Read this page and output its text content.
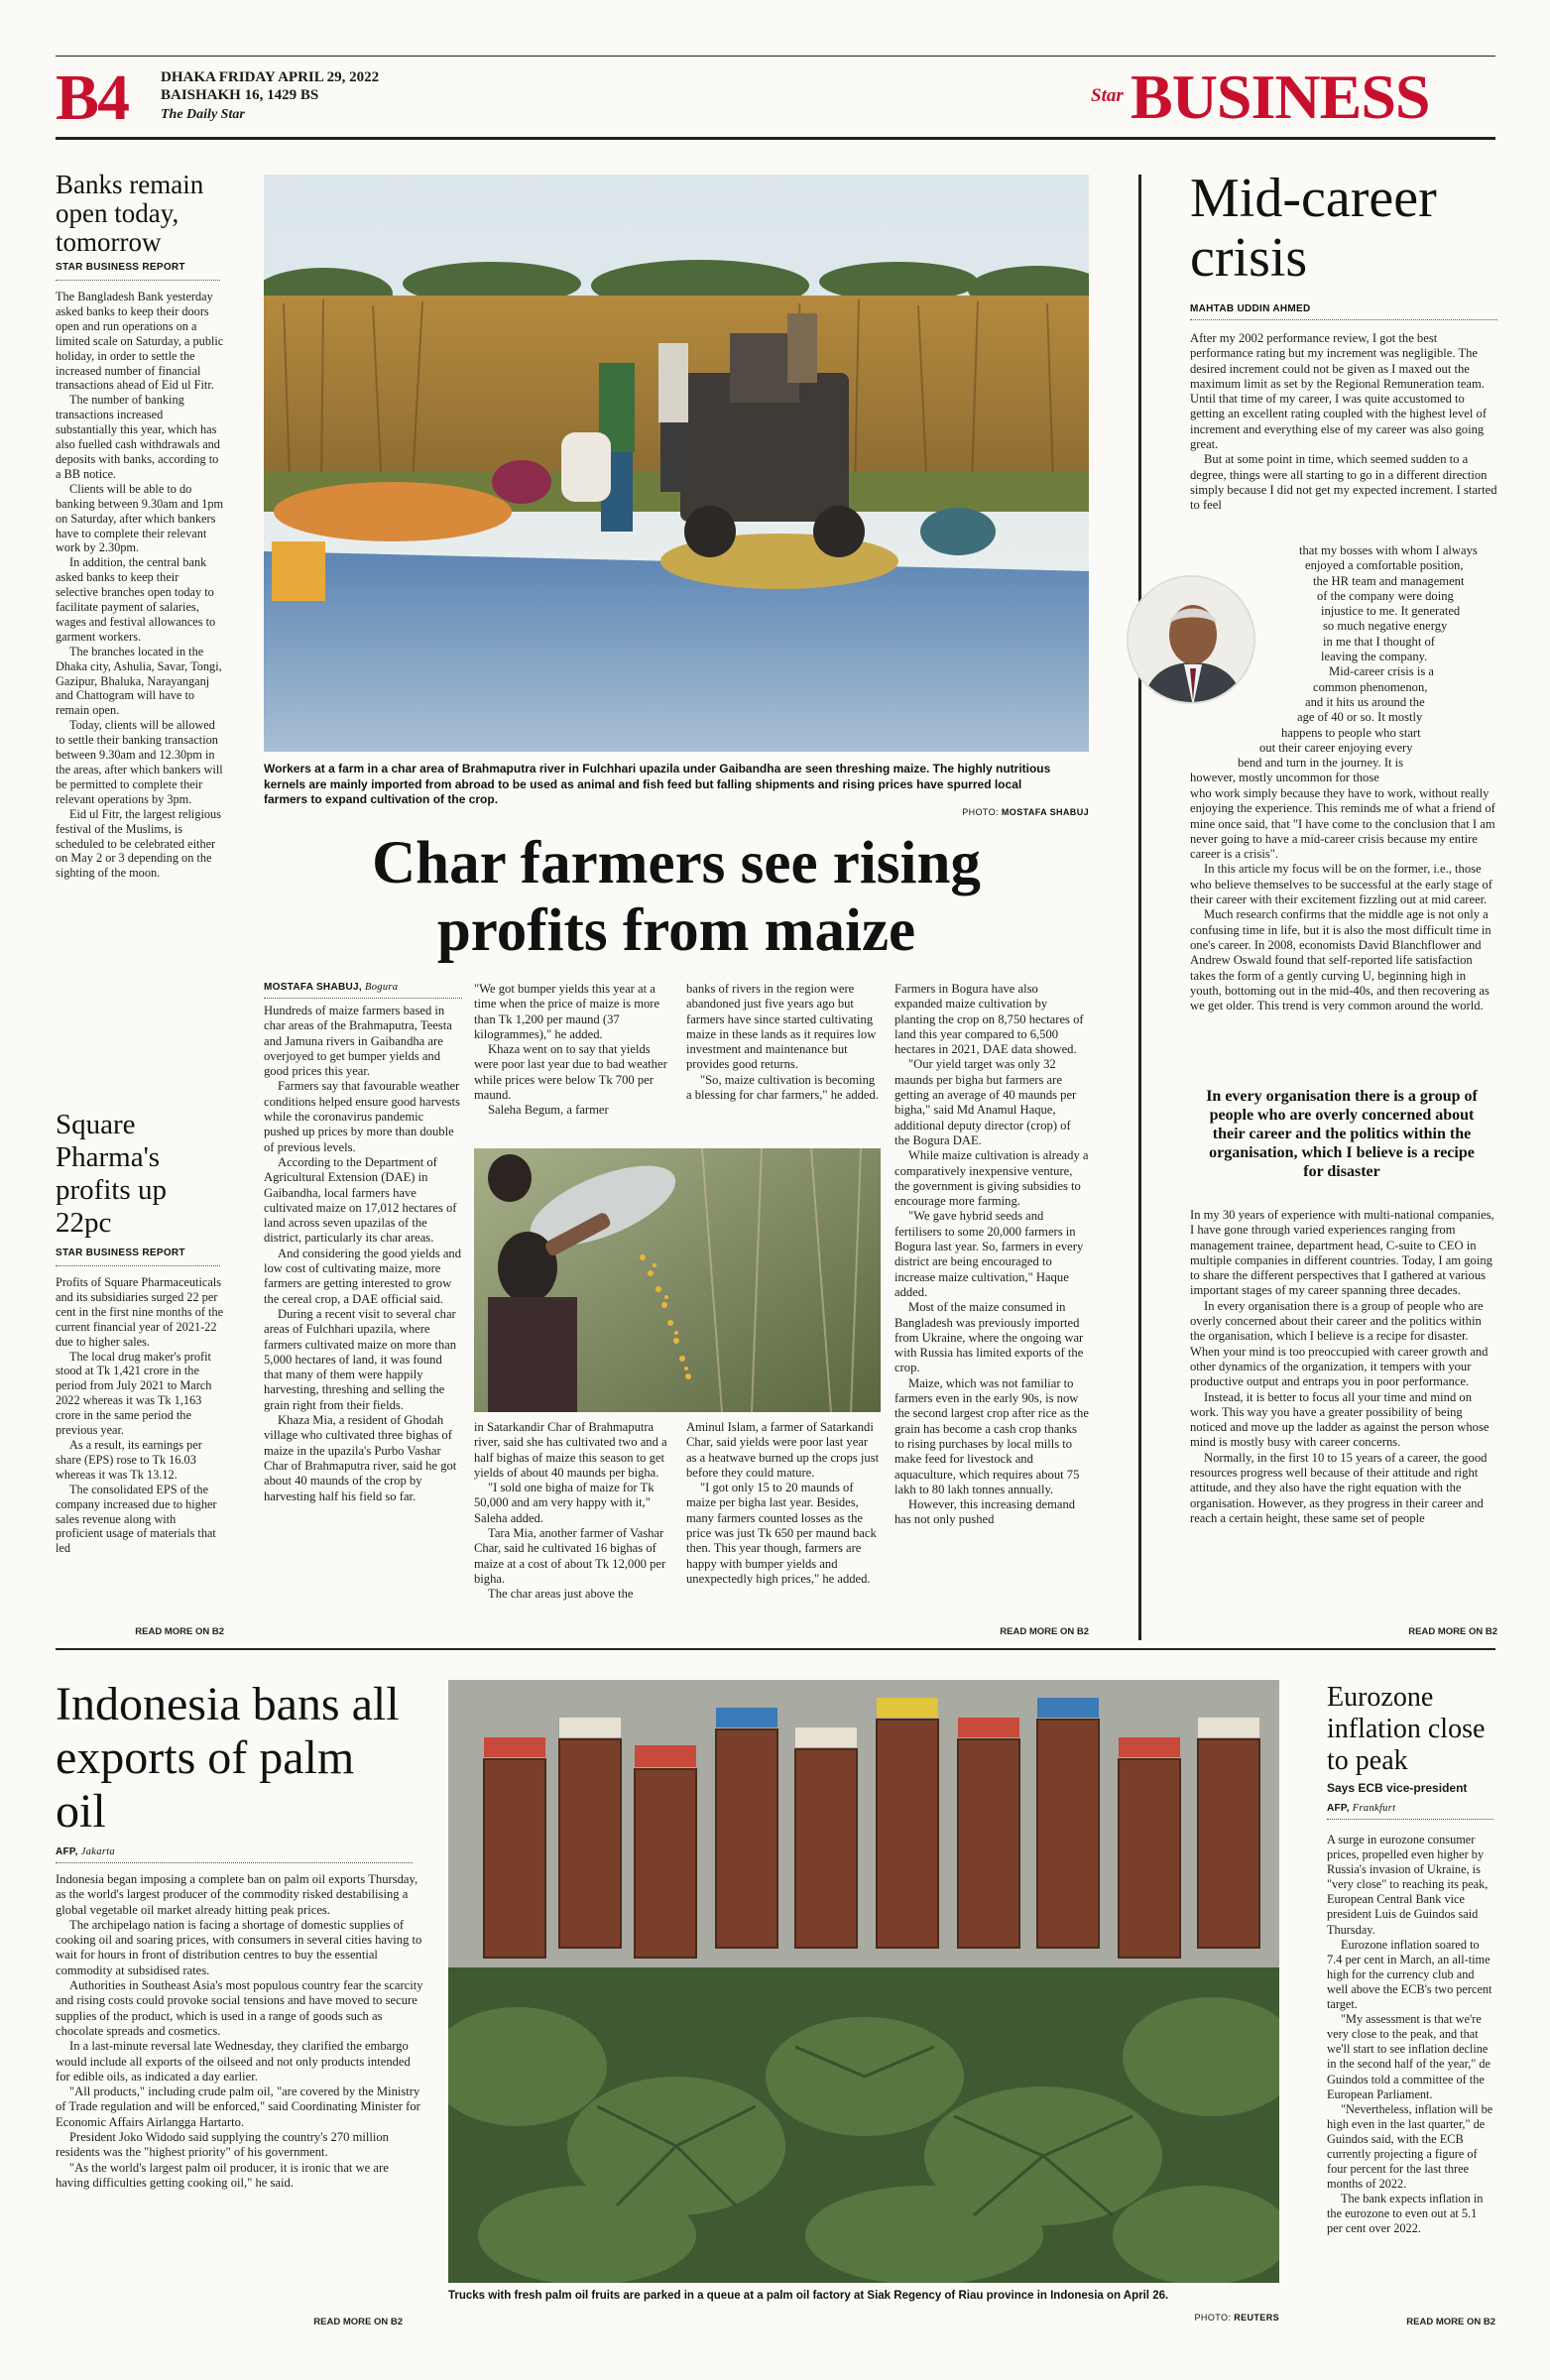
B4 DHAKA FRIDAY APRIL 29, 2022
BAISHAKH 16, 1429 BS
The Daily Star
Star BUSINESS
Banks remain open today, tomorrow
STAR BUSINESS REPORT

The Bangladesh Bank yesterday asked banks to keep their doors open and run operations on a limited scale on Saturday, a public holiday, in order to settle the increased number of financial transactions ahead of Eid ul Fitr.

The number of banking transactions increased substantially this year, which has also fuelled cash withdrawals and deposits with banks, according to a BB notice.

Clients will be able to do banking between 9.30am and 1pm on Saturday, after which bankers have to complete their relevant work by 2.30pm.

In addition, the central bank asked banks to keep their selective branches open today to facilitate payment of salaries, wages and festival allowances to garment workers.

The branches located in the Dhaka city, Ashulia, Savar, Tongi, Gazipur, Bhaluka, Narayanganj and Chattogram will have to remain open.

Today, clients will be allowed to settle their banking transaction between 9.30am and 12.30pm in the areas, after which bankers will be permitted to complete their relevant operations by 3pm.

Eid ul Fitr, the largest religious festival of the Muslims, is scheduled to be celebrated either on May 2 or 3 depending on the sighting of the moon.

Square Pharma's profits up 22pc
STAR BUSINESS REPORT

Profits of Square Pharmaceuticals and its subsidiaries surged 22 per cent in the first nine months of the current financial year of 2021-22 due to higher sales.

The local drug maker's profit stood at Tk 1,421 crore in the period from July 2021 to March 2022 whereas it was Tk 1,163 crore in the same period the previous year.

As a result, its earnings per share (EPS) rose to Tk 16.03 whereas it was Tk 13.12.

The consolidated EPS of the company increased due to higher sales revenue along with proficient usage of materials that led

READ MORE ON B2
Workers at a farm in a char area of Brahmaputra river in Fulchhari upazila under Gaibandha are seen threshing maize. The highly nutritious kernels are mainly imported from abroad to be used as animal and fish feed but falling shipments and rising prices have spurred local farmers to expand cultivation of the crop.
PHOTO: MOSTAFA SHABUJ
Char farmers see rising
profits from maize
MOSTAFA SHABUJ, Bogura

Hundreds of maize farmers based in char areas of the Brahmaputra, Teesta and Jamuna rivers in Gaibandha are overjoyed to get bumper yields and good prices this year.

Farmers say that favourable weather conditions helped ensure good harvests while the coronavirus pandemic pushed up prices by more than double of previous levels.

According to the Department of Agricultural Extension (DAE) in Gaibandha, local farmers have cultivated maize on 17,012 hectares of land across seven upazilas of the district, particularly its char areas.

And considering the good yields and low cost of cultivating maize, more farmers are getting interested to grow the cereal crop, a DAE official said.

During a recent visit to several char areas of Fulchhari upazila, where farmers cultivated maize on more than 5,000 hectares of land, it was found that many of them were happily harvesting, threshing and selling the grain right from their fields.

Khaza Mia, a resident of Ghodah village who cultivated three bighas of maize in the upazila's Purbo Vashar Char of Brahmaputra river, said he got about 40 maunds of the crop by harvesting half his field so far.

"We got bumper yields this year at a time when the price of maize is more than Tk 1,200 per maund (37 kilogrammes)," he added.

Khaza went on to say that yields were poor last year due to bad weather while prices were below Tk 700 per maund.

Saleha Begum, a farmer

banks of rivers in the region were abandoned just five years ago but farmers have since started cultivating maize in these lands as it requires low investment and maintenance but provides good returns.

"So, maize cultivation is becoming a blessing for char farmers," he added.

in Satarkandir Char of Brahmaputra river, said she has cultivated two and a half bighas of maize this season to get yields of about 40 maunds per bigha.

"I sold one bigha of maize for Tk 50,000 and am very happy with it," Saleha added.

Tara Mia, another farmer of Vashar Char, said he cultivated 16 bighas of maize at a cost of about Tk 12,000 per bigha.

The char areas just above the

Aminul Islam, a farmer of Satarkandi Char, said yields were poor last year as a heatwave burned up the crops just before they could mature.

"I got only 15 to 20 maunds of maize per bigha last year. Besides, many farmers counted losses as the price was just Tk 650 per maund back then. This year though, farmers are happy with bumper yields and unexpectedly high prices," he added.

Farmers in Bogura have also expanded maize cultivation by planting the crop on 8,750 hectares of land this year compared to 6,500 hectares in 2021, DAE data showed.

"Our yield target was only 32 maunds per bigha but farmers are getting an average of 40 maunds per bigha," said Md Anamul Haque, additional deputy director (crop) of the Bogura DAE.

While maize cultivation is already a comparatively inexpensive venture, the government is giving subsidies to encourage more farming.

"We gave hybrid seeds and fertilisers to some 20,000 farmers in Bogura last year. So, farmers in every district are being encouraged to increase maize cultivation," Haque added.

Most of the maize consumed in Bangladesh was previously imported from Ukraine, where the ongoing war with Russia has limited exports of the crop.

Maize, which was not familiar to farmers even in the early 90s, is now the second largest crop after rice as the grain has become a cash crop thanks to rising purchases by local mills to make feed for livestock and aquaculture, which requires about 75 lakh to 80 lakh tonnes annually.

However, this increasing demand has not only pushed

READ MORE ON B2
Mid-career crisis
MAHTAB UDDIN AHMED

After my 2002 performance review, I got the best performance rating but my increment was negligible. The desired increment could not be given as I maxed out the maximum limit as set by the Regional Remuneration team. Until that time of my career, I was quite accustomed to getting an excellent rating coupled with the highest level of increment and everything else of my career was also going great.

But at some point in time, which seemed sudden to a degree, things were all starting to go in a different direction simply because I did not get my expected increment. I started to feel

that my bosses with whom I always
enjoyed a comfortable position,
the HR team and management
of the company were doing
injustice to me. It generated
so much negative energy
in me that I thought of
leaving the company.
Mid-career crisis is a
common phenomenon,
and it hits us around the
age of 40 or so. It mostly
happens to people who start
out their career enjoying every
bend and turn in the journey. It is
however, mostly uncommon for those

who work simply because they have to work, without really enjoying the experience. This reminds me of what a friend of mine once said, that "I have come to the conclusion that I am never going to have a mid-career crisis because my entire career is a crisis".

In this article my focus will be on the former, i.e., those who believe themselves to be successful at the early stage of their career with their excitement fizzling out at mid career.

Much research confirms that the middle age is not only a confusing time in life, but it is also the most difficult time in one's career. In 2008, economists David Blanchflower and Andrew Oswald found that self-reported life satisfaction takes the form of a gently curving U, beginning high in youth, bottoming out in the mid-40s, and then recovering as we get older. This trend is very common around the world.

In every organisation there is a group of people who are overly concerned about their career and the politics within the organisation, which I believe is a recipe for disaster

In my 30 years of experience with multi-national companies, I have gone through varied experiences ranging from management trainee, department head, C-suite to CEO in multiple companies in different countries. Today, I am going to share the different perspectives that I gathered at various important stages of my career spanning three decades.

In every organisation there is a group of people who are overly concerned about their career and the politics within the organisation, which I believe is a recipe for disaster. When your mind is too preoccupied with career growth and other dynamics of the organization, it tempers with your productive output and entraps you in poor performance.

Instead, it is better to focus all your time and mind on work. This way you have a greater possibility of being noticed and move up the ladder as against the person whose mind is mostly busy with career concerns.

Normally, in the first 10 to 15 years of a career, the good resources progress well because of their attitude and right attitude, and they also have the right equation with the organisation. However, as they progress in their career and reach a certain height, these same set of people

READ MORE ON B2
Indonesia bans all exports of palm oil
AFP, Jakarta

Indonesia began imposing a complete ban on palm oil exports Thursday, as the world's largest producer of the commodity risked destabilising a global vegetable oil market already hitting peak prices.

The archipelago nation is facing a shortage of domestic supplies of cooking oil and soaring prices, with consumers in several cities having to wait for hours in front of distribution centres to buy the essential commodity at subsidised rates.

Authorities in Southeast Asia's most populous country fear the scarcity and rising costs could provoke social tensions and have moved to secure supplies of the product, which is used in a range of goods such as chocolate spreads and cosmetics.

In a last-minute reversal late Wednesday, they clarified the embargo would include all exports of the oilseed and not only products intended for edible oils, as indicated a day earlier.

"All products," including crude palm oil, "are covered by the Ministry of Trade regulation and will be enforced," said Coordinating Minister for Economic Affairs Airlangga Hartarto.

President Joko Widodo said supplying the country's 270 million residents was the "highest priority" of his government.

"As the world's largest palm oil producer, it is ironic that we are having difficulties getting cooking oil," he said.

READ MORE ON B2
Trucks with fresh palm oil fruits are parked in a queue at a palm oil factory at Siak Regency of Riau province in Indonesia on April 26.
PHOTO: REUTERS
Eurozone inflation close to peak
Says ECB vice-president
AFP, Frankfurt

A surge in eurozone consumer prices, propelled even higher by Russia's invasion of Ukraine, is "very close" to reaching its peak, European Central Bank vice president Luis de Guindos said Thursday.

Eurozone inflation soared to 7.4 per cent in March, an all-time high for the currency club and well above the ECB's two percent target.

"My assessment is that we're very close to the peak, and that we'll start to see inflation decline in the second half of the year," de Guindos told a committee of the European Parliament.

"Nevertheless, inflation will be high even in the last quarter," de Guindos said, with the ECB currently projecting a figure of four percent for the last three months of 2022.

The bank expects inflation in the eurozone to even out at 5.1 per cent over 2022.

READ MORE ON B2
